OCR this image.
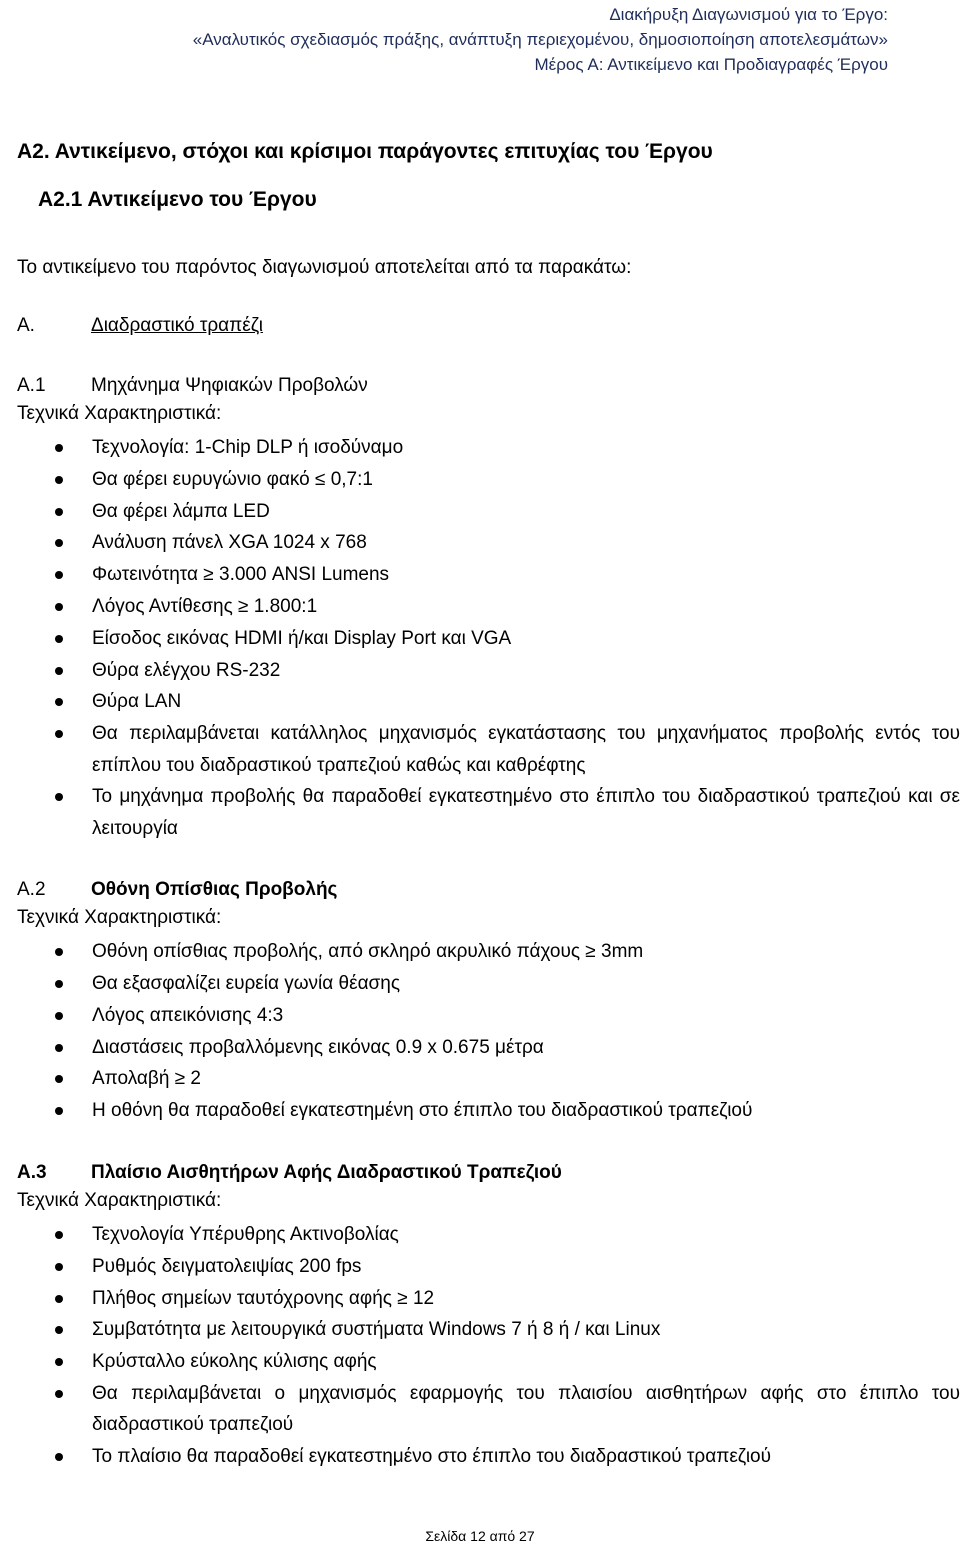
Διακήρυξη Διαγωνισμού για το Έργο:
«Αναλυτικός σχεδιασμός πράξης, ανάπτυξη περιεχομένου, δημοσιοποίηση αποτελεσμάτων»
Μέρος Α: Αντικείμενο και Προδιαγραφές Έργου
Α2. Αντικείμενο, στόχοι και κρίσιμοι παράγοντες επιτυχίας του Έργου
Α2.1 Αντικείμενο του Έργου

Το αντικείμενο του παρόντος διαγωνισμού αποτελείται από τα παρακάτω:

Α.	Διαδραστικό τραπέζι
Α.1	Μηχάνημα Ψηφιακών Προβολών
Τεχνικά Χαρακτηριστικά:
Τεχνολογία: 1-Chip DLP ή ισοδύναμο
Θα φέρει ευρυγώνιο φακό ≤ 0,7:1
Θα φέρει λάμπα LED
Ανάλυση πάνελ XGA 1024 x 768
Φωτεινότητα ≥ 3.000 ANSI Lumens
Λόγος Αντίθεσης ≥ 1.800:1
Είσοδος εικόνας HDMI ή/και Display Port και VGA
Θύρα ελέγχου RS-232
Θύρα LAN
Θα περιλαμβάνεται κατάλληλος μηχανισμός εγκατάστασης του μηχανήματος προβολής εντός του επίπλου του διαδραστικού τραπεζιού καθώς και καθρέφτης
Το μηχάνημα προβολής θα παραδοθεί εγκατεστημένο στο έπιπλο του διαδραστικού τραπεζιού και σε λειτουργία
Α.2	Οθόνη Οπίσθιας Προβολής
Τεχνικά Χαρακτηριστικά:
Οθόνη οπίσθιας προβολής, από σκληρό ακρυλικό πάχους ≥ 3mm
Θα εξασφαλίζει ευρεία γωνία θέασης
Λόγος απεικόνισης 4:3
Διαστάσεις προβαλλόμενης εικόνας 0.9 x 0.675 μέτρα
Απολαβή ≥ 2
Η οθόνη θα παραδοθεί εγκατεστημένη στο έπιπλο του διαδραστικού τραπεζιού
Α.3	Πλαίσιο Αισθητήρων Αφής Διαδραστικού Τραπεζιού
Τεχνικά Χαρακτηριστικά:
Τεχνολογία Υπέρυθρης Ακτινοβολίας
Ρυθμός δειγματολειψίας 200 fps
Πλήθος σημείων ταυτόχρονης αφής ≥ 12
Συμβατότητα με λειτουργικά συστήματα Windows 7 ή 8 ή / και Linux
Κρύσταλλο εύκολης κύλισης αφής
Θα περιλαμβάνεται ο μηχανισμός εφαρμογής του πλαισίου αισθητήρων αφής στο έπιπλο του διαδραστικού τραπεζιού
Το πλαίσιο θα παραδοθεί εγκατεστημένο στο έπιπλο του διαδραστικού τραπεζιού
Σελίδα 12 από 27
